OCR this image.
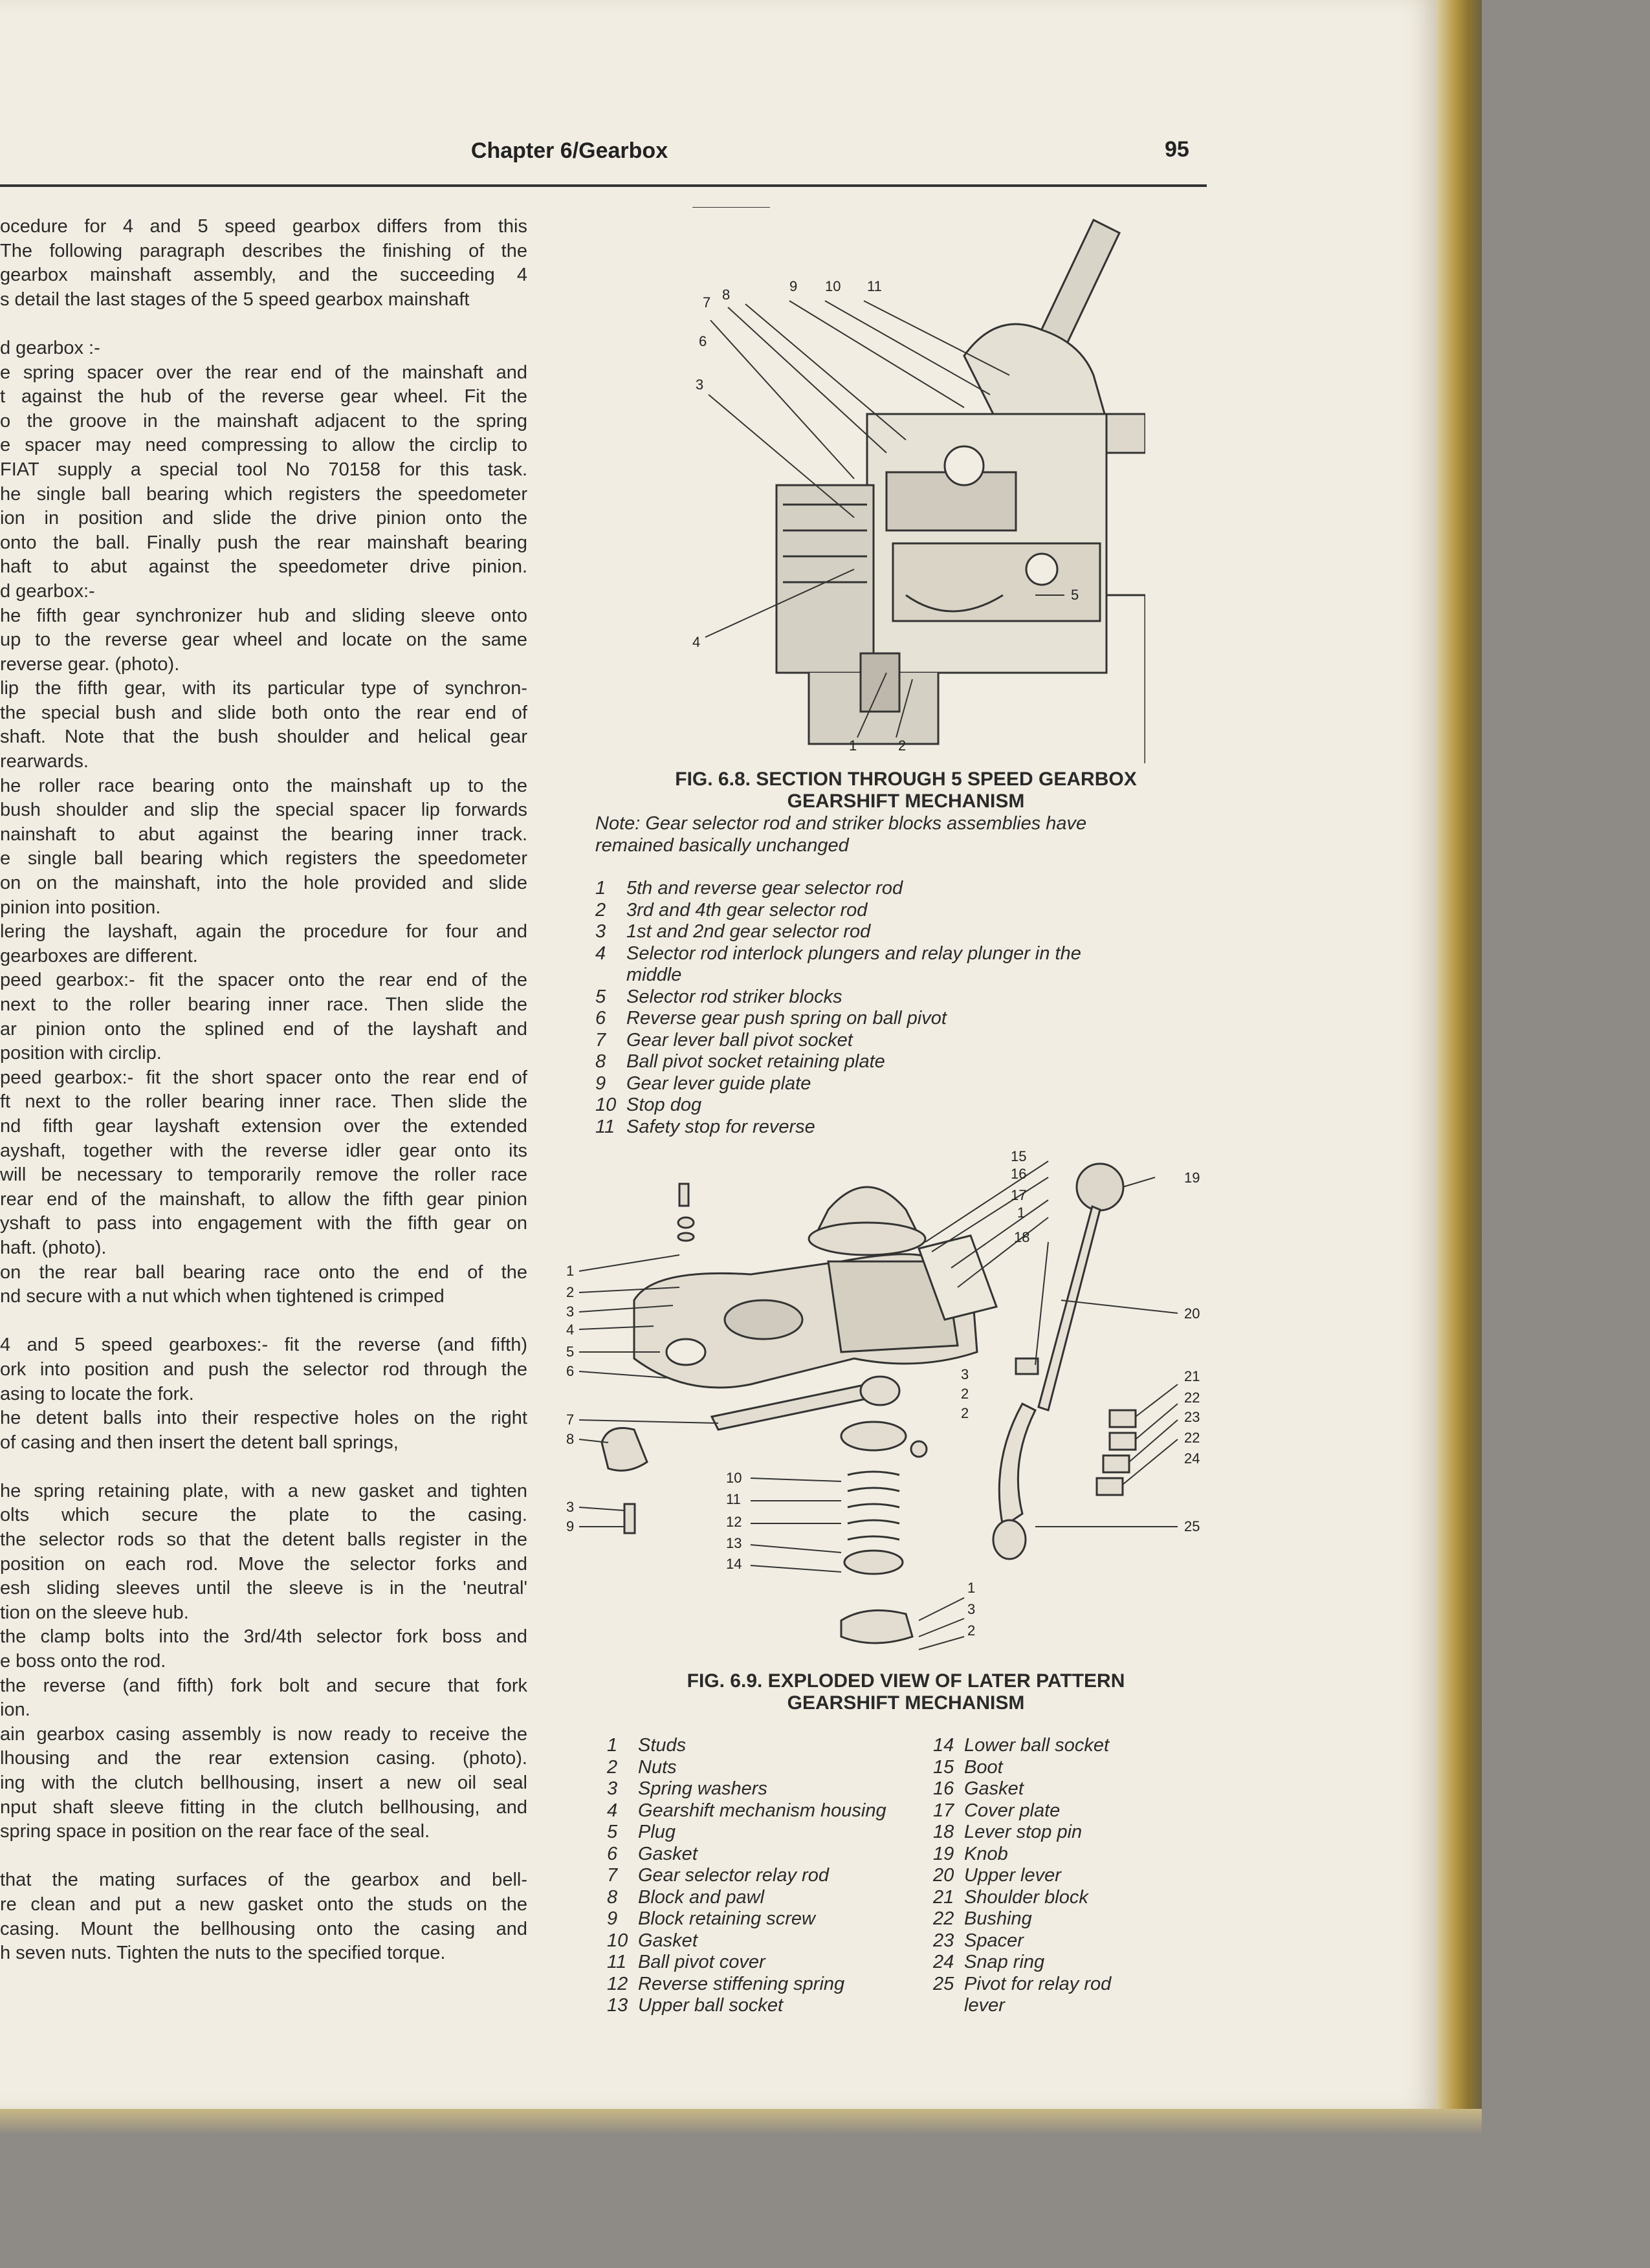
Chapter 6/Gearbox	95

ocedure for 4 and 5 speed gearbox differs from this

The following paragraph describes the finishing of the

gearbox mainshaft assembly, and the succeeding 4

s detail the last stages of the 5 speed gearbox mainshaft

d gearbox :-

e spring spacer over the rear end of the mainshaft and

t against the hub of the reverse gear wheel. Fit the

o the groove in the mainshaft adjacent to the spring

e spacer may need compressing to allow the circlip to

FIAT supply a special tool No 70158 for this task.

he single ball bearing which registers the speedometer

ion in position and slide the drive pinion onto the

onto the ball. Finally push the rear mainshaft bearing

haft to abut against the speedometer drive pinion.

d gearbox:-

he fifth gear synchronizer hub and sliding sleeve onto

up to the reverse gear wheel and locate on the same

reverse gear. (photo).

lip the fifth gear, with its particular type of synchron-

the special bush and slide both onto the rear end of

shaft. Note that the bush shoulder and helical gear

rearwards.

he roller race bearing onto the mainshaft up to the

bush shoulder and slip the special spacer lip forwards

nainshaft to abut against the bearing inner track.

e single ball bearing which registers the speedometer

on on the mainshaft, into the hole provided and slide

pinion into position.

lering the layshaft, again the procedure for four and

gearboxes are different.

peed gearbox:- fit the spacer onto the rear end of the

next to the roller bearing inner race. Then slide the

ar pinion onto the splined end of the layshaft and

position with circlip.

peed gearbox:- fit the short spacer onto the rear end of

ft next to the roller bearing inner race. Then slide the

nd fifth gear layshaft extension over the extended

ayshaft, together with the reverse idler gear onto its

will be necessary to temporarily remove the roller race

rear end of the mainshaft, to allow the fifth gear pinion

yshaft to pass into engagement with the fifth gear on

haft. (photo).

on the rear ball bearing race onto the end of the

nd secure with a nut which when tightened is crimped

4 and 5 speed gearboxes:- fit the reverse (and fifth)

ork into position and push the selector rod through the

asing to locate the fork.

he detent balls into their respective holes on the right

of casing and then insert the detent ball springs,

he spring retaining plate, with a new gasket and tighten

olts which secure the plate to the casing.

the selector rods so that the detent balls register in the

position on each rod. Move the selector forks and

esh sliding sleeves until the sleeve is in the 'neutral'

tion on the sleeve hub.

the clamp bolts into the 3rd/4th selector fork boss and

e boss onto the rod.

the reverse (and fifth) fork bolt and secure that fork

ion.

ain gearbox casing assembly is now ready to receive the

lhousing and the rear extension casing. (photo).

ing with the clutch bellhousing, insert a new oil seal

nput shaft sleeve fitting in the clutch bellhousing, and

spring space in position on the rear face of the seal.

that the mating surfaces of the gearbox and bell-

re clean and put a new gasket onto the studs on the

casing. Mount the bellhousing onto the casing and

h seven nuts. Tighten the nuts to the specified torque.

7 8
9 10 11
6
3
4
5
1	2
FIG. 6.8. SECTION THROUGH 5 SPEED GEARBOX
GEARSHIFT MECHANISM
Note: Gear selector rod and striker blocks assemblies have
remained basically unchanged
1	5th and reverse gear selector rod
2	3rd and 4th gear selector rod
3	1st and 2nd gear selector rod
4	Selector rod interlock plungers and relay plunger in the
middle
5	Selector rod striker blocks
6	Reverse gear push spring on ball pivot
7	Gear lever ball pivot socket
8	Ball pivot socket retaining plate
9	Gear lever guide plate
10 Stop dog
11 Safety stop for reverse
15
16
17
1
18
19
20
21
22
23
22
24
25
1
2
3
4
5
6
7
8
3
9
10
11
12
13
14
1
3
2
3
2
2
FIG. 6.9. EXPLODED VIEW OF LATER PATTERN
GEARSHIFT MECHANISM
1	Studs
2	Nuts
3	Spring washers
4	Gearshift mechanism housing
5	Plug
6	Gasket
7	Gear selector relay rod
8	Block and pawl
9	Block retaining screw
10 Gasket
11 Ball pivot cover
12 Reverse stiffening spring
13 Upper ball socket
14 Lower ball socket
15 Boot
16 Gasket
17 Cover plate
18 Lever stop pin
19 Knob
20 Upper lever
21 Shoulder block
22 Bushing
23 Spacer
24 Snap ring
25 Pivot for relay rod
lever
